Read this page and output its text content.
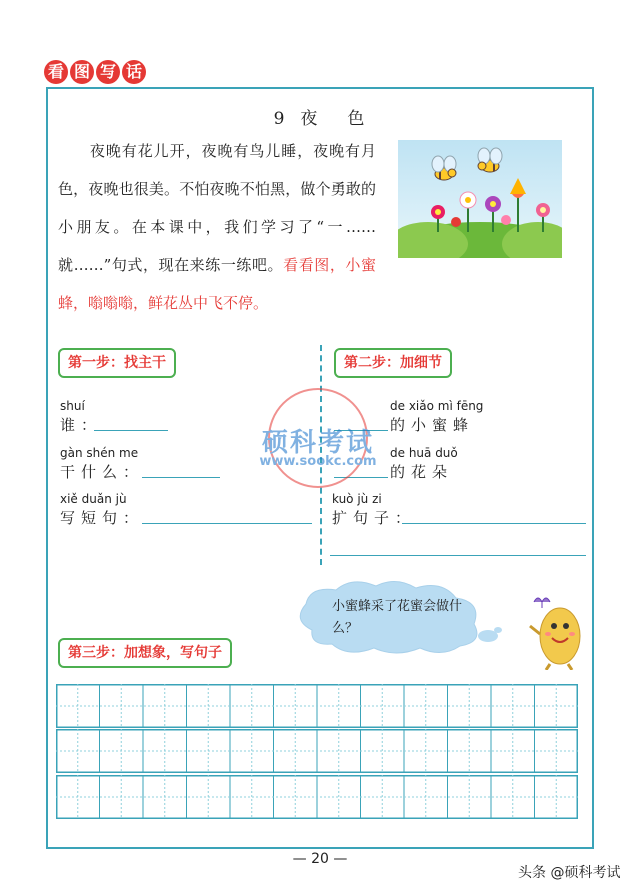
看 图 写 话
9 夜 色
　　夜晚有花儿开，夜晚有鸟儿睡，夜晚有月色，夜晚也很美。不怕夜晚不怕黑，做个勇敢的小朋友。在本课中，我们学习了“一……就……”句式，现在来练一练吧。看看图，小蜜蜂，嗡嗡嗡，鲜花丛中飞不停。
第一步：找主干
shuí
谁：
gàn shén me
干什么：
xiě duǎn jù
写短句：
第二步：加细节
de xiǎo mì fēng
的小蜜蜂
de huā duǒ
的花朵
kuò jù zi
扩句子：
硕科考试
www.sookc.com
小蜜蜂采了花蜜会做什么？
第三步：加想象，写句子
— 20 —
头条 @硕科考试
